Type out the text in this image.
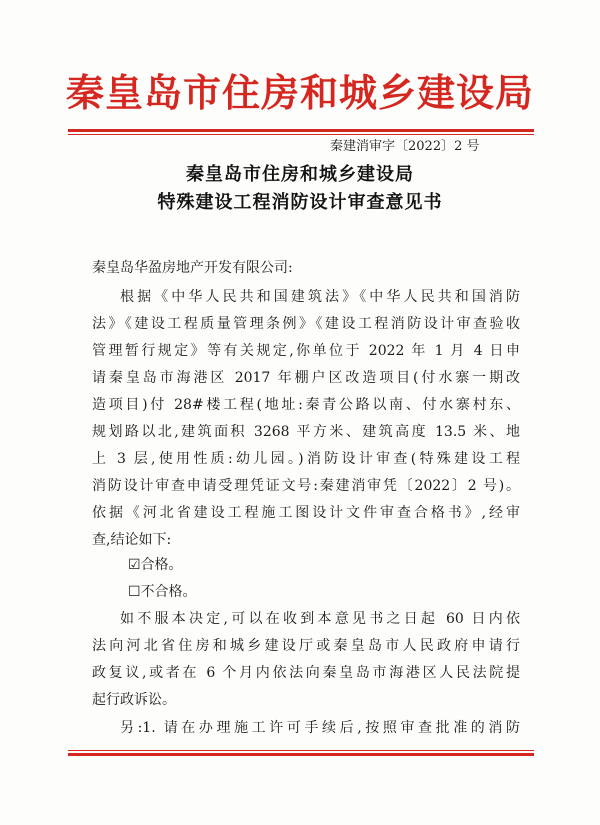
秦皇岛市住房和城乡建设局
秦建消审字〔2022〕2 号
秦皇岛市住房和城乡建设局
特殊建设工程消防设计审查意见书
秦皇岛华盈房地产开发有限公司:
根据《中华人民共和国建筑法》《中华人民共和国消防
法》《建设工程质量管理条例》《建设工程消防设计审查验收
管理暂行规定》等有关规定,你单位于 2022 年 1 月 4 日申
请秦皇岛市海港区 2017 年棚户区改造项目(付水寨一期改
造项目)付 28#楼工程(地址:秦青公路以南、付水寨村东、
规划路以北,建筑面积 3268 平方米、建筑高度 13.5 米、地
上 3 层,使用性质:幼儿园。)消防设计审查(特殊建设工程
消防设计审查申请受理凭证文号:秦建消审凭〔2022〕2 号)。
依据《河北省建设工程施工图设计文件审查合格书》,经审
查,结论如下:
☑合格。
☐不合格。
如不服本决定,可以在收到本意见书之日起 60 日内依
法向河北省住房和城乡建设厅或秦皇岛市人民政府申请行
政复议,或者在 6 个月内依法向秦皇岛市海港区人民法院提
起行政诉讼。
另:1. 请在办理施工许可手续后,按照审查批准的消防
